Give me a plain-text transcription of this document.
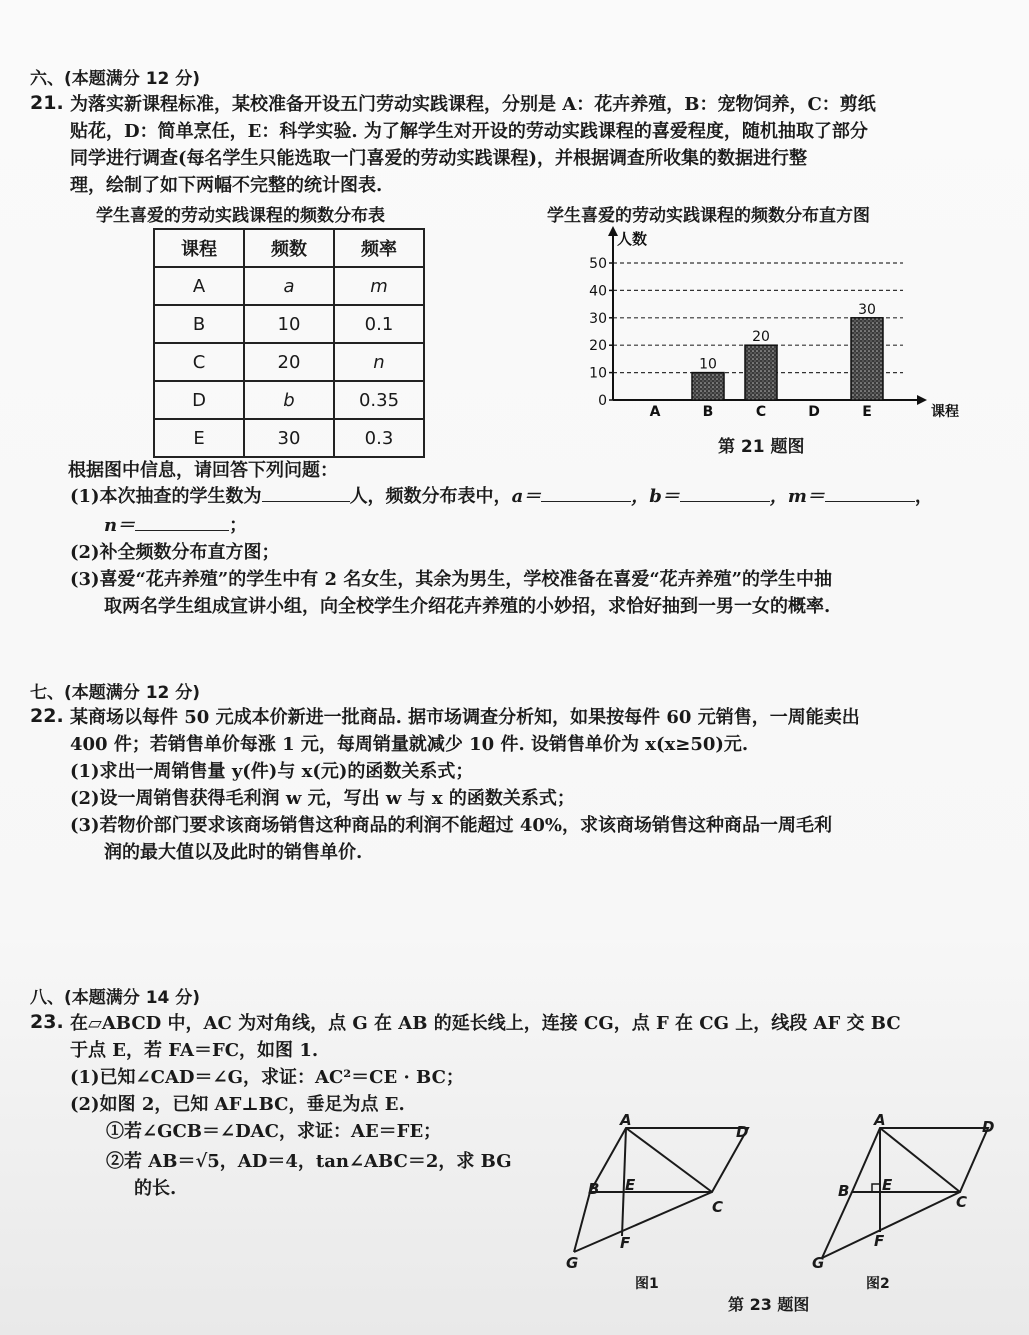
六、(本题满分 12 分)
21. 为落实新课程标准，某校准备开设五门劳动实践课程，分别是 A：花卉养殖，B：宠物饲养，C：剪纸
贴花，D：简单烹任，E：科学实验. 为了解学生对开设的劳动实践课程的喜爱程度，随机抽取了部分
同学进行调查(每名学生只能选取一门喜爱的劳动实践课程)，并根据调查所收集的数据进行整
理，绘制了如下两幅不完整的统计图表.
学生喜爱的劳动实践课程的频数分布表
课程	频数	频率
A	a	m
B	10	0.1
C	20	n
D	b	0.35
E	30	0.3
学生喜爱的劳动实践课程的频数分布直方图
0
10
20
30
40
50
人数
课程
A	B
10
C
20
D	E
30
第 21 题图
根据图中信息，请回答下列问题：
(1)本次抽查的学生数为	人，频数分布表中，a＝	，b＝	，m＝	，
n＝	；
(2)补全频数分布直方图；
(3)喜爱“花卉养殖”的学生中有 2 名女生，其余为男生，学校准备在喜爱“花卉养殖”的学生中抽
取两名学生组成宣讲小组，向全校学生介绍花卉养殖的小妙招，求恰好抽到一男一女的概率.
七、(本题满分 12 分)
22. 某商场以每件 50 元成本价新进一批商品. 据市场调查分析知，如果按每件 60 元销售，一周能卖出
400 件；若销售单价每涨 1 元，每周销量就减少 10 件. 设销售单价为 x(x≥50)元.
(1)求出一周销售量 y(件)与 x(元)的函数关系式；
(2)设一周销售获得毛利润 w 元，写出 w 与 x 的函数关系式；
(3)若物价部门要求该商场销售这种商品的利润不能超过 40%，求该商场销售这种商品一周毛利
润的最大值以及此时的销售单价.
八、(本题满分 14 分)
23. 在▱ABCD 中，AC 为对角线，点 G 在 AB 的延长线上，连接 CG，点 F 在 CG 上，线段 AF 交 BC
于点 E，若 FA＝FC，如图 1.
(1)已知∠CAD＝∠G，求证：AC²＝CE · BC；
(2)如图 2，已知 AF⊥BC，垂足为点 E.
①若∠GCB＝∠DAC，求证：AE＝FE；
②若 AB＝√5，AD＝4，tan∠ABC＝2，求 BG
的长.
A
D
B E
C
F
G
图1
A	D
B E
C
F
G
图2
第 23 题图
